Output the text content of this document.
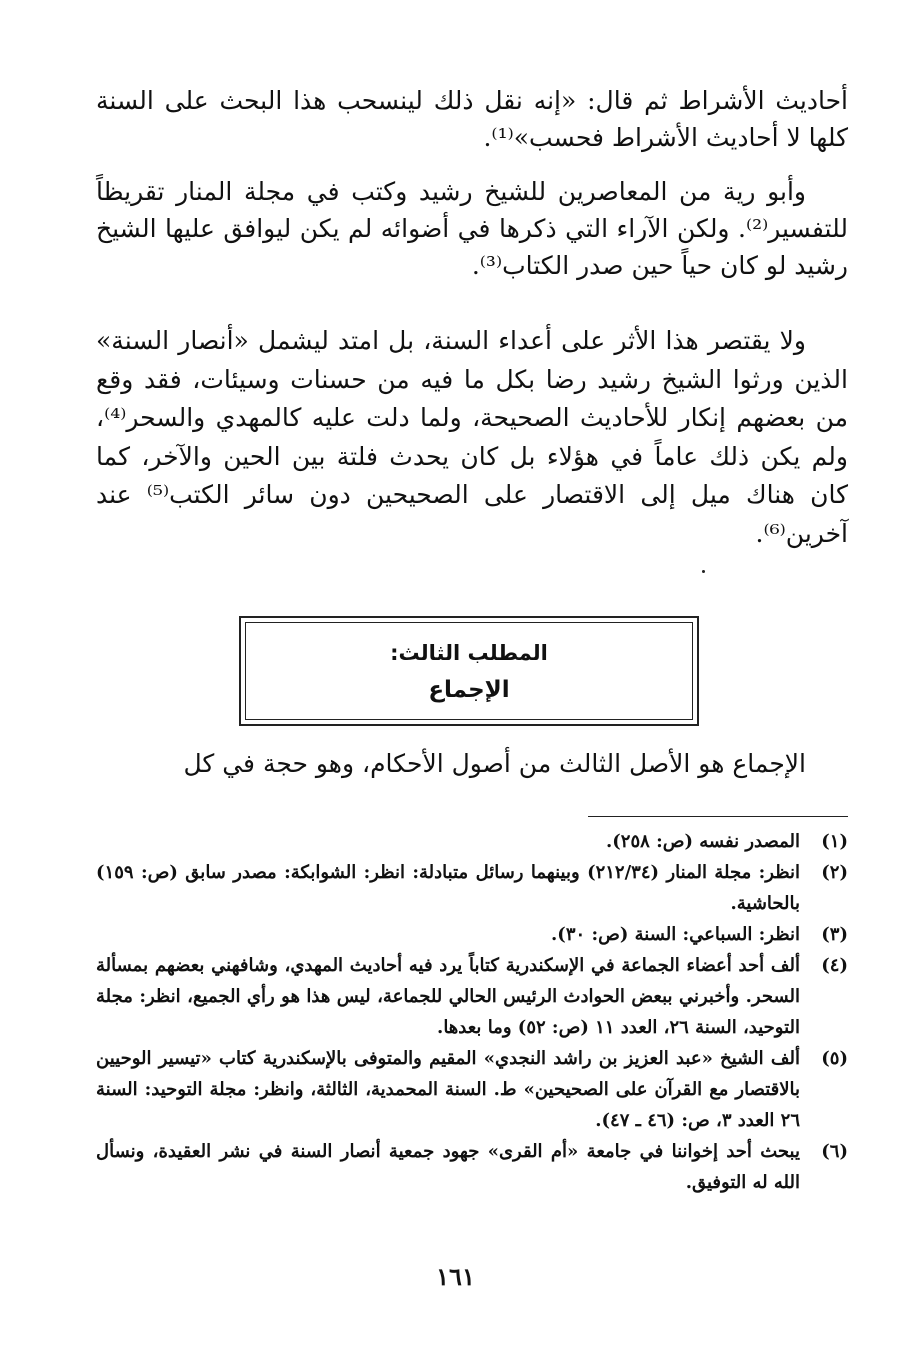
أحاديث الأشراط ثم قال: «إنه نقل ذلك لينسحب هذا البحث على السنة كلها لا أحاديث الأشراط فحسب»⁽¹⁾.

وأبو رية من المعاصرين للشيخ رشيد وكتب في مجلة المنار تقريظاً للتفسير⁽²⁾. ولكن الآراء التي ذكرها في أضوائه لم يكن ليوافق عليها الشيخ رشيد لو كان حياً حين صدر الكتاب⁽³⁾.

ولا يقتصر هذا الأثر على أعداء السنة، بل امتد ليشمل «أنصار السنة» الذين ورثوا الشيخ رشيد رضا بكل ما فيه من حسنات وسيئات، فقد وقع من بعضهم إنكار للأحاديث الصحيحة، ولما دلت عليه كالمهدي والسحر⁽⁴⁾، ولم يكن ذلك عاماً في هؤلاء بل كان يحدث فلتة بين الحين والآخر، كما كان هناك ميل إلى الاقتصار على الصحيحين دون سائر الكتب⁽⁵⁾ عند آخرين⁽⁶⁾.

المطلب الثالث:
الإجماع

الإجماع هو الأصل الثالث من أصول الأحكام، وهو حجة في كل

(١)
المصدر نفسه (ص: ٢٥٨).
(٢)
انظر: مجلة المنار (٢١٢/٣٤) وبينهما رسائل متبادلة: انظر: الشوابكة: مصدر سابق (ص: ١٥٩) بالحاشية.
(٣)
انظر: السباعي: السنة (ص: ٣٠).
(٤)
ألف أحد أعضاء الجماعة في الإسكندرية كتاباً يرد فيه أحاديث المهدي، وشافهني بعضهم بمسألة السحر. وأخبرني ببعض الحوادث الرئيس الحالي للجماعة، ليس هذا هو رأي الجميع، انظر: مجلة التوحيد، السنة ٢٦، العدد ١١ (ص: ٥٢) وما بعدها.
(٥)
ألف الشيخ «عبد العزيز بن راشد النجدي» المقيم والمتوفى بالإسكندرية كتاب «تيسير الوحيين بالاقتصار مع القرآن على الصحيحين» ط. السنة المحمدية، الثالثة، وانظر: مجلة التوحيد: السنة ٢٦ العدد ٣، ص: (٤٦ ـ ٤٧).
(٦)
يبحث أحد إخواننا في جامعة «أم القرى» جهود جمعية أنصار السنة في نشر العقيدة، ونسأل الله له التوفيق.
١٦١
